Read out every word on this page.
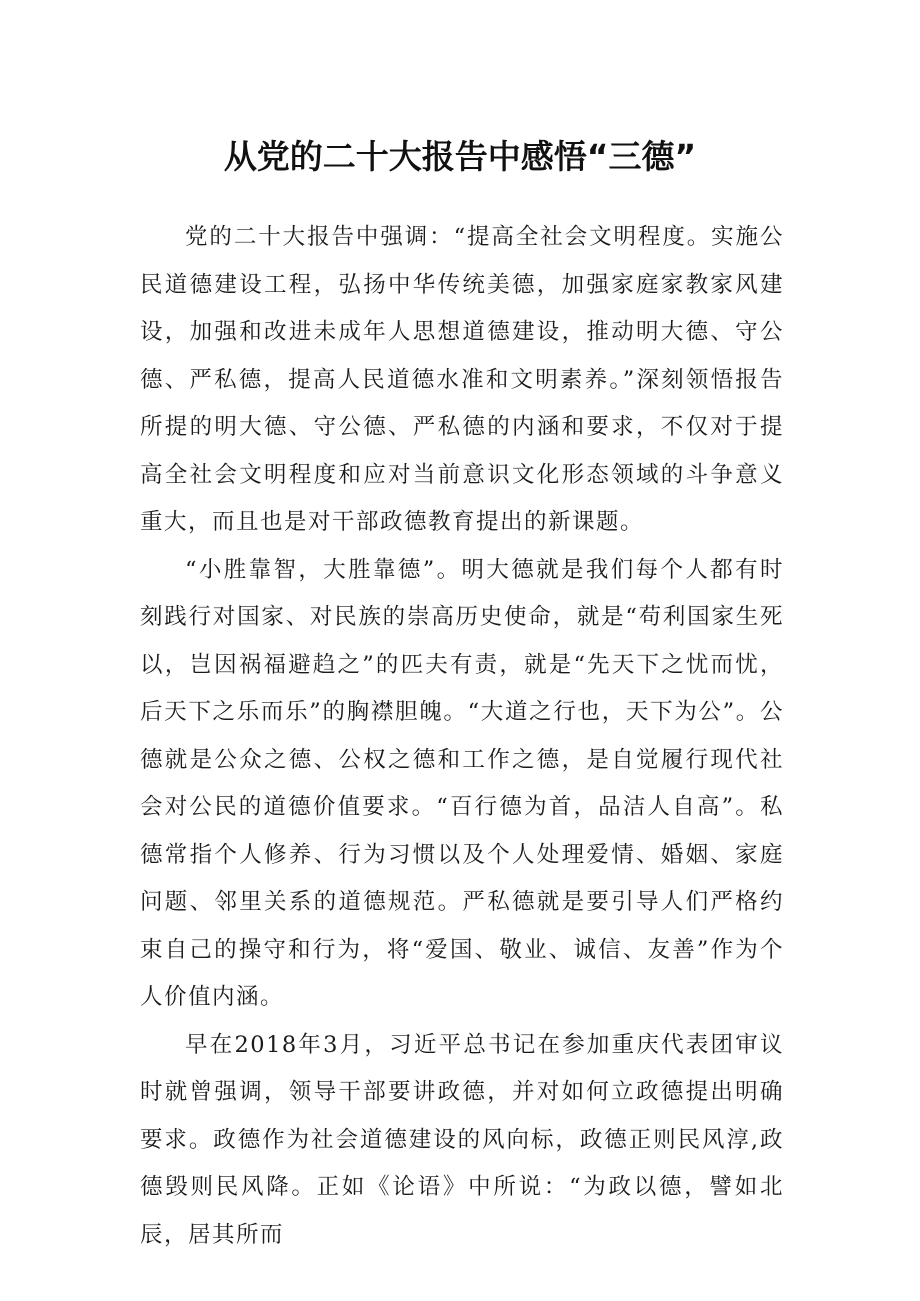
从党的二十大报告中感悟“三德”

党的二十大报告中强调：“提高全社会文明程度。实施公民道德建设工程，弘扬中华传统美德，加强家庭家教家风建设，加强和改进未成年人思想道德建设，推动明大德、守公德、严私德，提高人民道德水准和文明素养。”深刻领悟报告所提的明大德、守公德、严私德的内涵和要求，不仅对于提高全社会文明程度和应对当前意识文化形态领域的斗争意义重大，而且也是对干部政德教育提出的新课题。

“小胜靠智，大胜靠德”。明大德就是我们每个人都有时刻践行对国家、对民族的崇高历史使命，就是“苟利国家生死以，岂因祸福避趋之”的匹夫有责，就是“先天下之忧而忧，后天下之乐而乐”的胸襟胆魄。“大道之行也，天下为公”。公德就是公众之德、公权之德和工作之德，是自觉履行现代社会对公民的道德价值要求。“百行德为首，品洁人自高”。私德常指个人修养、行为习惯以及个人处理爱情、婚姻、家庭问题、邻里关系的道德规范。严私德就是要引导人们严格约束自己的操守和行为，将“爱国、敬业、诚信、友善”作为个人价值内涵。

早在2018年3月，习近平总书记在参加重庆代表团审议时就曾强调，领导干部要讲政德，并对如何立政德提出明确要求。政德作为社会道德建设的风向标，政德正则民风淳,政德毁则民风降。正如《论语》中所说：“为政以德，譬如北辰，居其所而
